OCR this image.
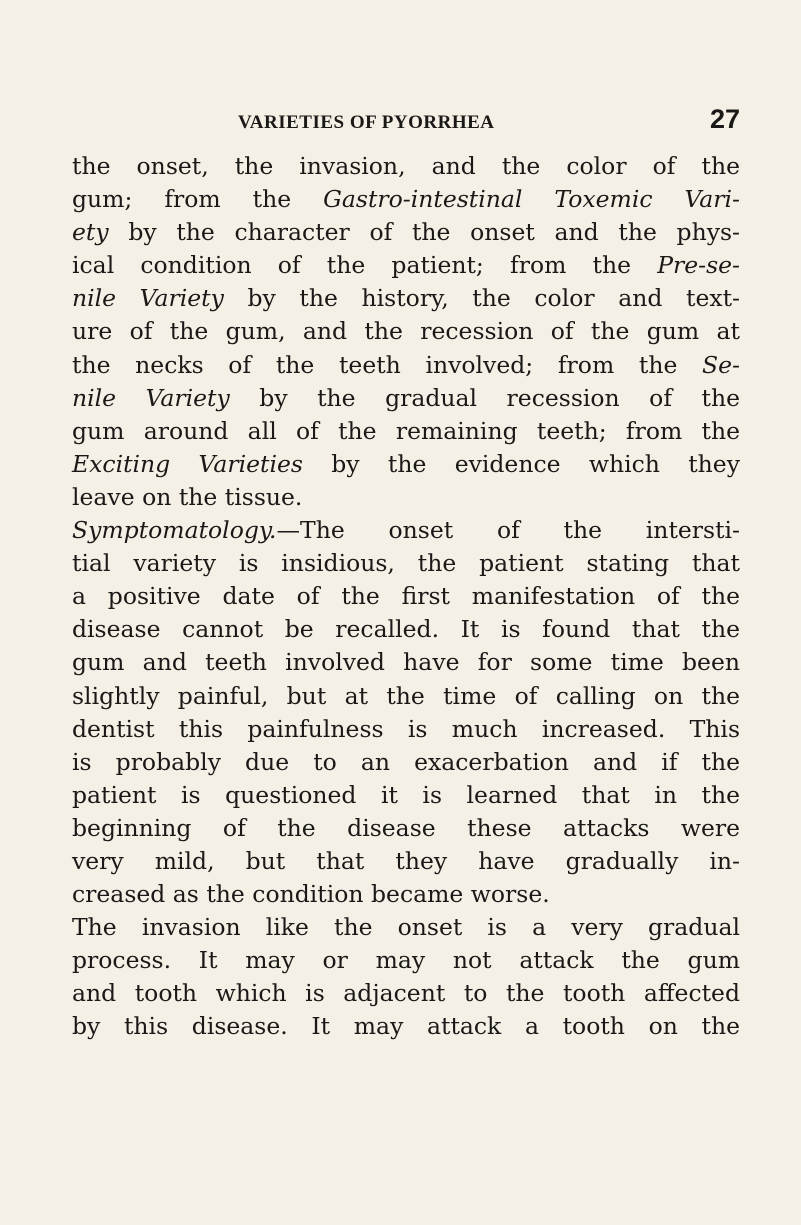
VARIETIES OF PYORRHEA	27
the onset, the invasion, and the color of the
gum; from the Gastro-intestinal Toxemic Vari-
ety by the character of the onset and the phys-
ical condition of the patient; from the Pre-se-
nile Variety by the history, the color and text-
ure of the gum, and the recession of the gum at
the necks of the teeth involved; from the Se-
nile Variety by the gradual recession of the
gum around all of the remaining teeth; from the
Exciting Varieties by the evidence which they
leave on the tissue.
Symptomatology.—The onset of the intersti-
tial variety is insidious, the patient stating that
a positive date of the first manifestation of the
disease cannot be recalled. It is found that the
gum and teeth involved have for some time been
slightly painful, but at the time of calling on the
dentist this painfulness is much increased. This
is probably due to an exacerbation and if the
patient is questioned it is learned that in the
beginning of the disease these attacks were
very mild, but that they have gradually in-
creased as the condition became worse.
The invasion like the onset is a very gradual
process. It may or may not attack the gum
and tooth which is adjacent to the tooth affected
by this disease. It may attack a tooth on the
